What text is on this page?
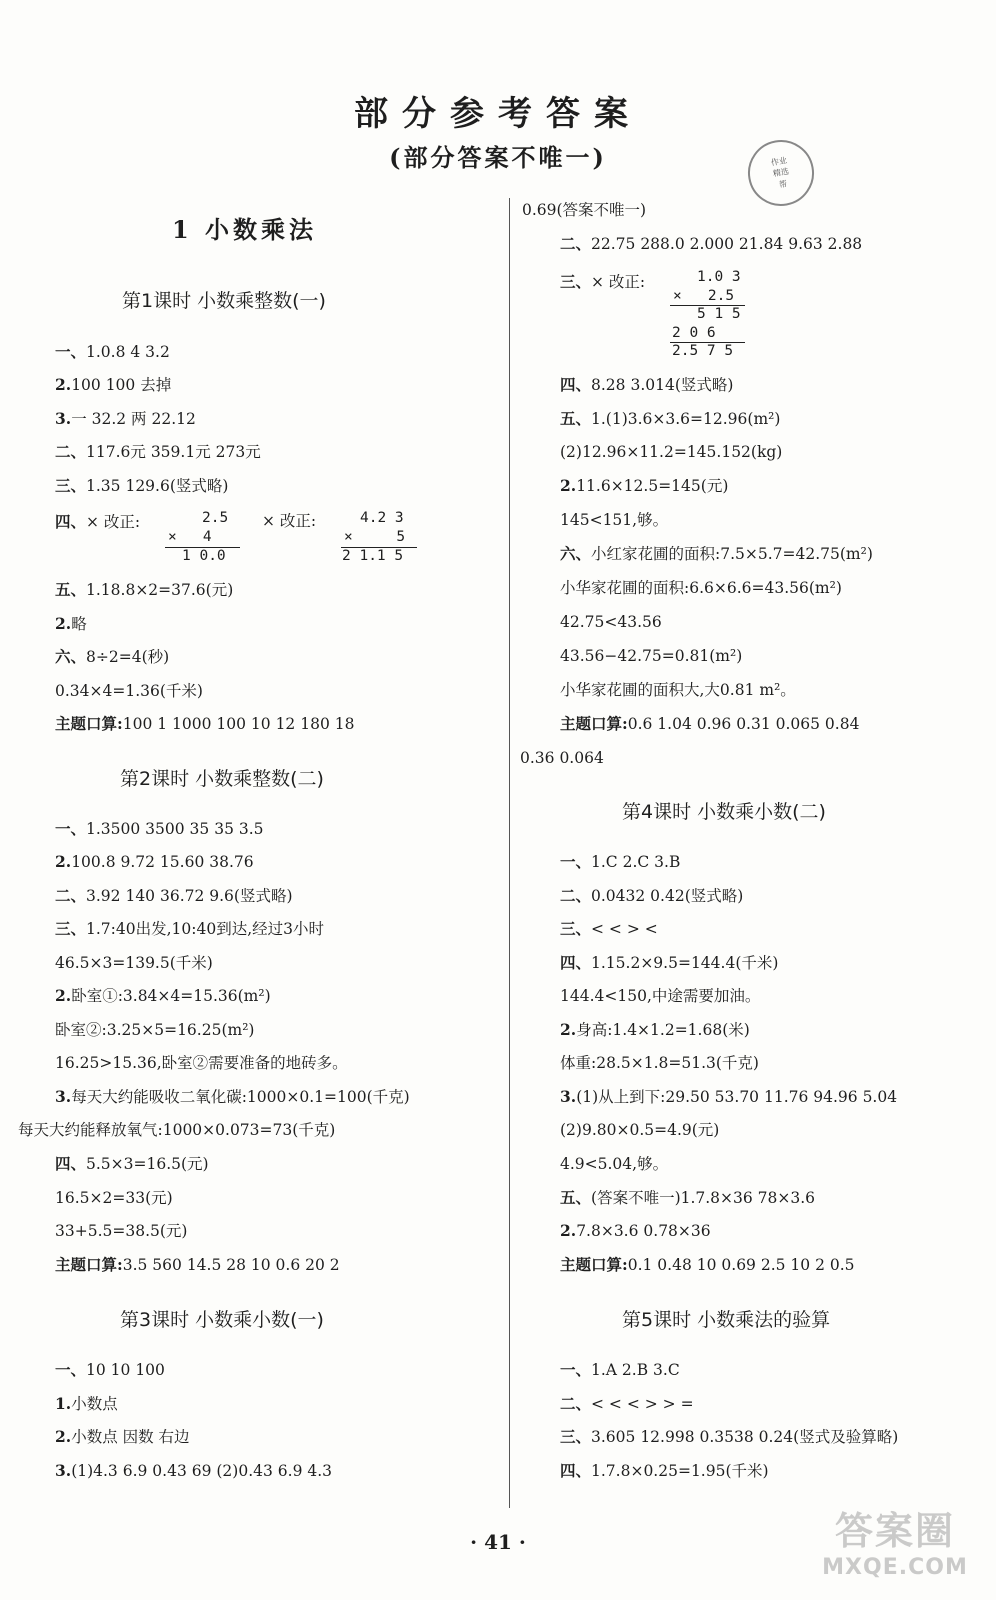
部分参考答案
(部分答案不唯一)	作业
精选
帮
1 小数乘法
第1课时 小数乘整数(一)
一、1.0.8 4 3.2
2.100 100 去掉
3.一 32.2 两 22.12
二、117.6元 359.1元 273元
三、1.35 129.6(竖式略)
四、× 改正:	× 改正:
2.5
×   4
1 0.0
4.2 3
×     5
2 1.1 5
五、1.18.8×2=37.6(元)
2.略
六、8÷2=4(秒)
0.34×4=1.36(千米)
主题口算:100 1 1000 100 10 12 180 18
第2课时 小数乘整数(二)
一、1.3500 3500 35 35 3.5
2.100.8 9.72 15.60 38.76
二、3.92 140 36.72 9.6(竖式略)
三、1.7:40出发,10:40到达,经过3小时
46.5×3=139.5(千米)
2.卧室①:3.84×4=15.36(m²)
卧室②:3.25×5=16.25(m²)
16.25>15.36,卧室②需要准备的地砖多。
3.每天大约能吸收二氧化碳:1000×0.1=100(千克)
每天大约能释放氧气:1000×0.073=73(千克)
四、5.5×3=16.5(元)
16.5×2=33(元)
33+5.5=38.5(元)
主题口算:3.5 560 14.5 28 10 0.6 20 2
第3课时 小数乘小数(一)
一、10 10 100
1.小数点
2.小数点 因数 右边
3.(1)4.3 6.9 0.43 69 (2)0.43 6.9 4.3
0.69(答案不唯一)
二、22.75 288.0 2.000 21.84 9.63 2.88
三、× 改正:	1.0 3
×   2.5
5 1 5
2 0 6
2.5 7 5
四、8.28 3.014(竖式略)
五、1.(1)3.6×3.6=12.96(m²)
(2)12.96×11.2=145.152(kg)
2.11.6×12.5=145(元)
145<151,够。
六、小红家花圃的面积:7.5×5.7=42.75(m²)
小华家花圃的面积:6.6×6.6=43.56(m²)
42.75<43.56
43.56−42.75=0.81(m²)
小华家花圃的面积大,大0.81 m²。
主题口算:0.6 1.04 0.96 0.31 0.065 0.84
0.36 0.064
第4课时 小数乘小数(二)
一、1.C 2.C 3.B
二、0.0432 0.42(竖式略)
三、< < > <
四、1.15.2×9.5=144.4(千米)
144.4<150,中途需要加油。
2.身高:1.4×1.2=1.68(米)
体重:28.5×1.8=51.3(千克)
3.(1)从上到下:29.50 53.70 11.76 94.96 5.04
(2)9.80×0.5=4.9(元)
4.9<5.04,够。
五、(答案不唯一)1.7.8×36 78×3.6
2.7.8×3.6 0.78×36
主题口算:0.1 0.48 10 0.69 2.5 10 2 0.5
第5课时 小数乘法的验算
一、1.A 2.B 3.C
二、< < < > > =
三、3.605 12.998 0.3538 0.24(竖式及验算略)
四、1.7.8×0.25=1.95(千米)
· 41 ·	答案圈
MXQE.COM
